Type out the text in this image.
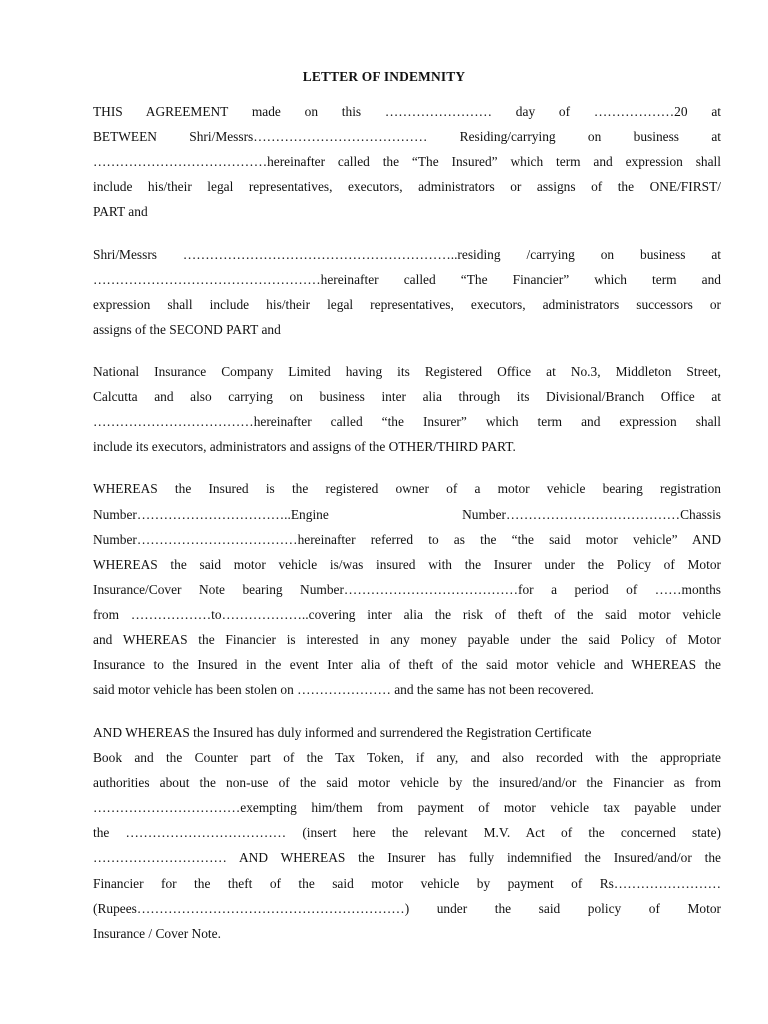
LETTER OF INDEMNITY
THIS AGREEMENT made on this …………………… day of ………………20 at
BETWEEN Shri/Messrs………………………………… Residing/carrying on business at
…………………………………hereinafter called the “The Insured” which term and expression shall
include his/their legal representatives, executors, administrators or assigns of the ONE/FIRST/
PART and
Shri/Messrs ……………………………………………………..residing /carrying on business at
……………………………………………hereinafter called “The Financier” which term and
expression shall include his/their legal representatives, executors, administrators successors or
assigns of the SECOND PART and
National Insurance Company Limited having its Registered Office at No.3, Middleton Street,
Calcutta and also carrying on business inter alia through its Divisional/Branch Office at
………………………………hereinafter called “the Insurer” which term and expression shall
include its executors, administrators and assigns of the OTHER/THIRD PART.
WHEREAS the Insured is the registered owner of a motor vehicle bearing registration
Number……………………………..Engine Number…………………………………Chassis
Number………………………………hereinafter referred to as the “the said motor vehicle” AND
WHEREAS the said motor vehicle is/was insured with the Insurer under the Policy of Motor
Insurance/Cover Note bearing Number…………………………………for a period of ……months
from ………………to………………..covering inter alia the risk of theft of the said motor vehicle
and WHEREAS the Financier is interested in any money payable under the said Policy of Motor
Insurance to the Insured in the event Inter alia of theft of the said motor vehicle and WHEREAS the
said motor vehicle has been stolen on ………………… and the same has not been recovered.
AND WHEREAS the Insured has duly informed and surrendered the Registration Certificate
Book and the Counter part of the Tax Token, if any, and also recorded with the appropriate
authorities about the non-use of the said motor vehicle by the insured/and/or the Financier as from
……………………………exempting him/them from payment of motor vehicle tax payable under
the ……………………………… (insert here the relevant M.V. Act of the concerned state)
………………………… AND WHEREAS the Insurer has fully indemnified the Insured/and/or the
Financier for the theft of the said motor vehicle by payment of Rs……………………
(Rupees……………………………………………………) under the said policy of Motor
Insurance / Cover Note.
